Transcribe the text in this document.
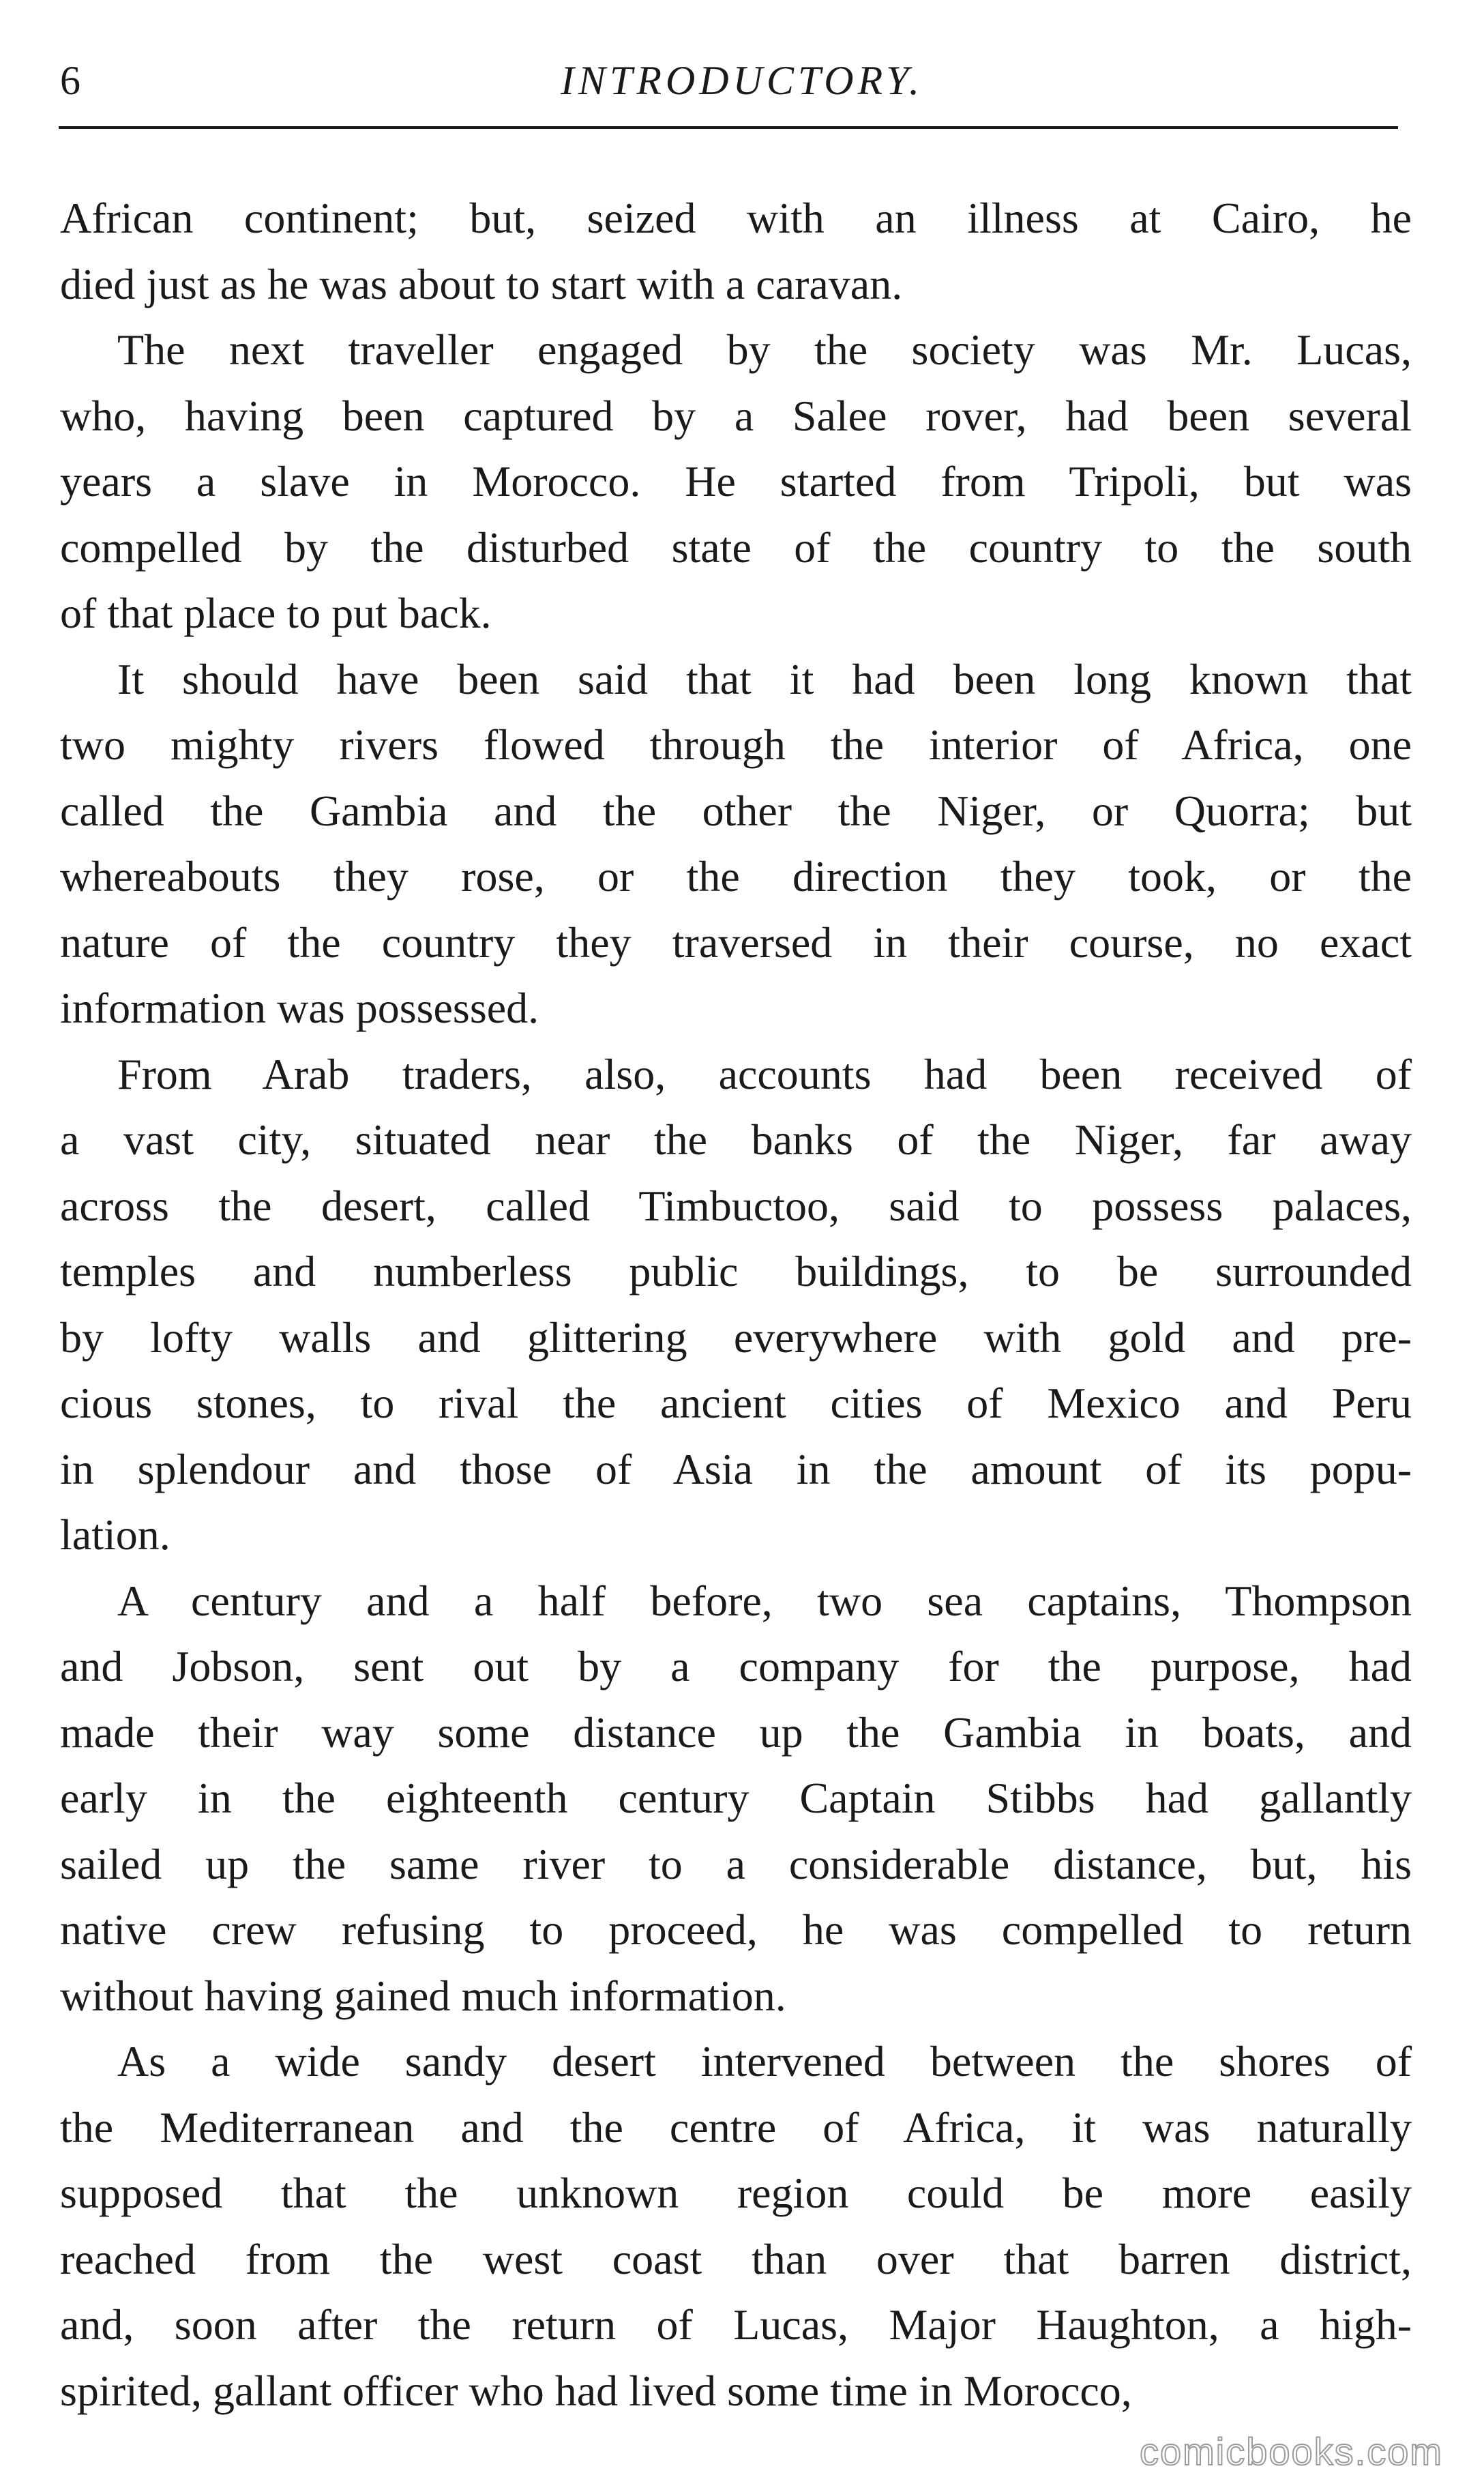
6	INTRODUCTORY.
African continent; but, seized with an illness at Cairo, he
died just as he was about to start with a caravan.
The next traveller engaged by the society was Mr. Lucas,
who, having been captured by a Salee rover, had been several
years a slave in Morocco. He started from Tripoli, but was
compelled by the disturbed state of the country to the south
of that place to put back.
It should have been said that it had been long known that
two mighty rivers flowed through the interior of Africa, one
called the Gambia and the other the Niger, or Quorra; but
whereabouts they rose, or the direction they took, or the
nature of the country they traversed in their course, no exact
information was possessed.
From Arab traders, also, accounts had been received of
a vast city, situated near the banks of the Niger, far away
across the desert, called Timbuctoo, said to possess palaces,
temples and numberless public buildings, to be surrounded
by lofty walls and glittering everywhere with gold and pre-
cious stones, to rival the ancient cities of Mexico and Peru
in splendour and those of Asia in the amount of its popu-
lation.
A century and a half before, two sea captains, Thompson
and Jobson, sent out by a company for the purpose, had
made their way some distance up the Gambia in boats, and
early in the eighteenth century Captain Stibbs had gallantly
sailed up the same river to a considerable distance, but, his
native crew refusing to proceed, he was compelled to return
without having gained much information.
As a wide sandy desert intervened between the shores of
the Mediterranean and the centre of Africa, it was naturally
supposed that the unknown region could be more easily
reached from the west coast than over that barren district,
and, soon after the return of Lucas, Major Haughton, a high-
spirited, gallant officer who had lived some time in Morocco,
comicbooks.com
